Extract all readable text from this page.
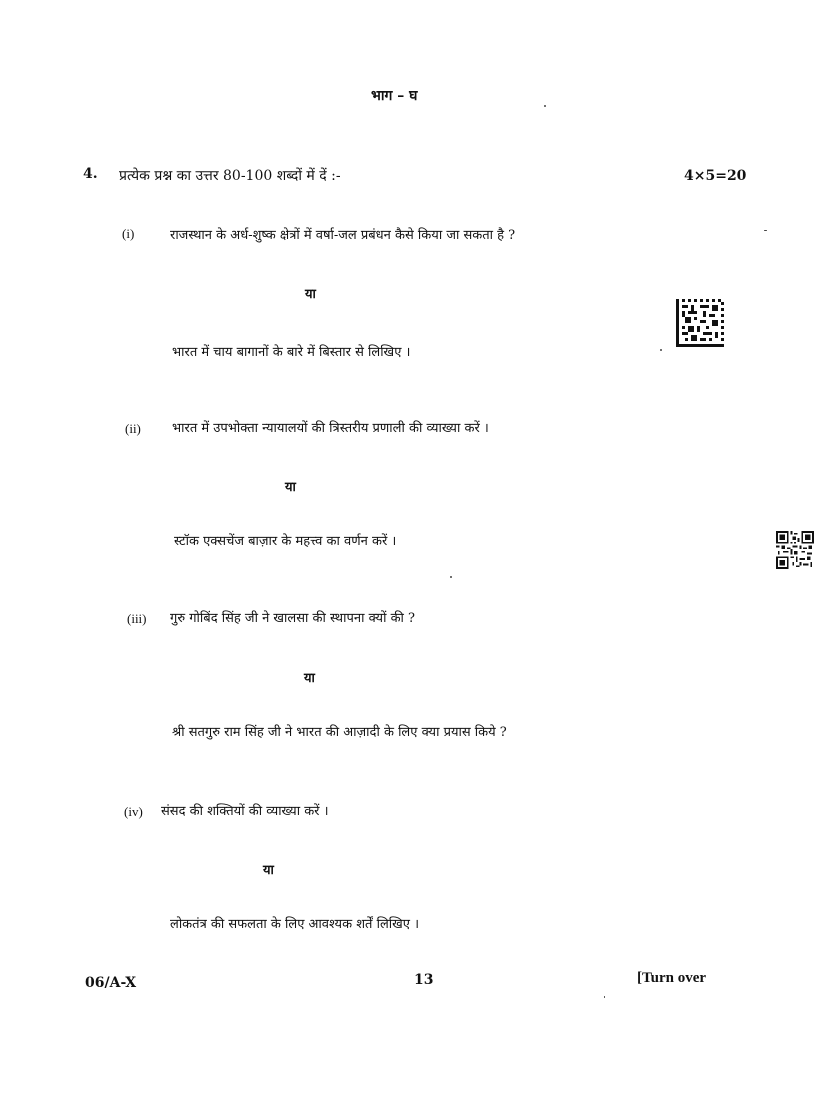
भाग – घ
4. प्रत्येक प्रश्न का उत्तर 80-100 शब्दों में दें :-	4×5=20
(i)	राजस्थान के अर्ध-शुष्क क्षेत्रों में वर्षा-जल प्रबंधन कैसे किया जा सकता है ?
या
भारत में चाय बागानों के बारे में बिस्तार से लिखिए ।
(ii) भारत में उपभोक्ता न्यायालयों की त्रिस्तरीय प्रणाली की व्याख्या करें ।
या
स्टॉक एक्सचेंज बाज़ार के महत्त्व का वर्णन करें ।
(iii) गुरु गोबिंद सिंह जी ने खालसा की स्थापना क्यों की ?
या
श्री सतगुरु राम सिंह जी ने भारत की आज़ादी के लिए क्या प्रयास किये ?
(iv) संसद की शक्तियों की व्याख्या करें ।
या
लोकतंत्र की सफलता के लिए आवश्यक शर्तें लिखिए ।
06/A-X	13	[Turn over
